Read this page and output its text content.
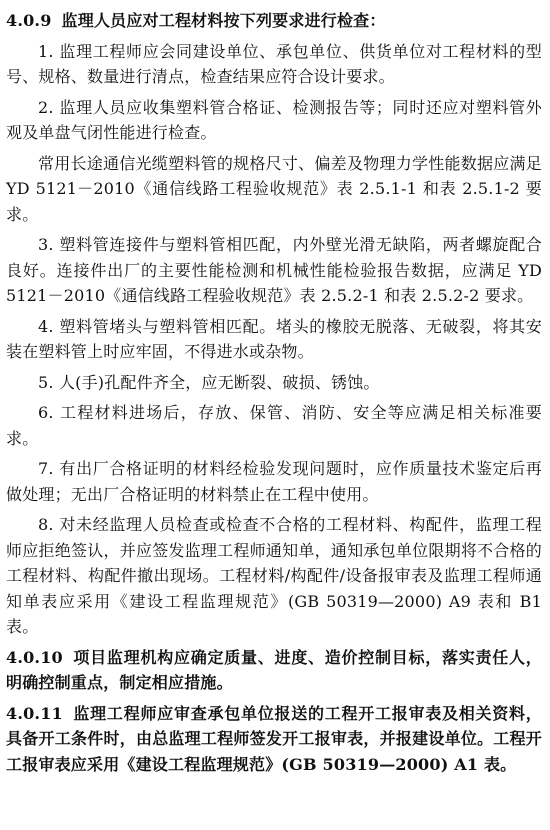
4.0.9 监理人员应对工程材料按下列要求进行检查：

1. 监理工程师应会同建设单位、承包单位、供货单位对工程材料的型号、规格、数量进行清点，检查结果应符合设计要求。

2. 监理人员应收集塑料管合格证、检测报告等；同时还应对塑料管外观及单盘气闭性能进行检查。

常用长途通信光缆塑料管的规格尺寸、偏差及物理力学性能数据应满足 YD 5121－2010《通信线路工程验收规范》表 2.5.1-1 和表 2.5.1-2 要求。

3. 塑料管连接件与塑料管相匹配，内外壁光滑无缺陷，两者螺旋配合良好。连接件出厂的主要性能检测和机械性能检验报告数据，应满足 YD 5121－2010《通信线路工程验收规范》表 2.5.2-1 和表 2.5.2-2 要求。

4. 塑料管堵头与塑料管相匹配。堵头的橡胶无脱落、无破裂，将其安装在塑料管上时应牢固，不得进水或杂物。

5. 人(手)孔配件齐全，应无断裂、破损、锈蚀。

6. 工程材料进场后，存放、保管、消防、安全等应满足相关标准要求。

7. 有出厂合格证明的材料经检验发现问题时，应作质量技术鉴定后再做处理；无出厂合格证明的材料禁止在工程中使用。

8. 对未经监理人员检查或检查不合格的工程材料、构配件，监理工程师应拒绝签认，并应签发监理工程师通知单，通知承包单位限期将不合格的工程材料、构配件撤出现场。工程材料/构配件/设备报审表及监理工程师通知单表应采用《建设工程监理规范》(GB 50319—2000) A9 表和 B1 表。

4.0.10 项目监理机构应确定质量、进度、造价控制目标，落实责任人，明确控制重点，制定相应措施。

4.0.11 监理工程师应审查承包单位报送的工程开工报审表及相关资料，具备开工条件时，由总监理工程师签发开工报审表，并报建设单位。工程开工报审表应采用《建设工程监理规范》(GB 50319—2000) A1 表。
